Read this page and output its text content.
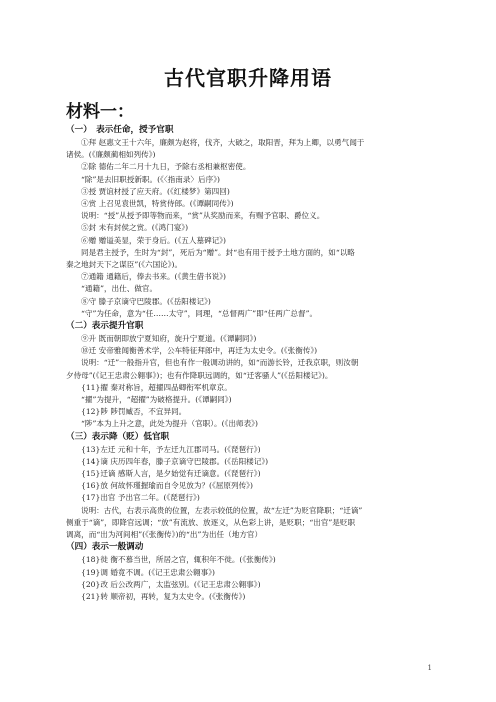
古代官职升降用语
材料一：
（一）　表示任命，授予官职
①拜 赵惠文王十六年，廉颇为赵将，伐齐，大破之，取阳晋，拜为上卿，以勇气闻于
诸侯。(《廉颇蔺相如列传》)
②除 德佑二年二月十九日，予除右丞相兼枢密使。
“除”是去旧职授新职。(《〈指南录〉后序》)
③授 贾谊材授了应天府。(《红楼梦》第四回)
④赏 上召见袁世凯，特赏侍郎。(《谭嗣同传》)
说明：“授”从授予即等物而来，“赏”从奖励而来，有赐予官职、爵位义。
⑤封 未有封侯之赏。(《鸿门宴》)
⑥赠 赠谥美显，荣于身后。(《五人墓碑记》)
同是君主授予，生时为“封”，死后为“赠”。封“也有用于授予土地方面的，如“以略
秦之地封天下之谋臣”(《六国论》)。
⑦通籍 通籍后，俸去书来。(《黄生借书说》)
“通籍”，出仕、做官。
⑧守 滕子京谪守巴陵郡。(《岳阳楼记》)
“守”为任命，意为“任……太守”，同理，“总督两广”即“任两广总督”。
（二）表示提升官职
⑨升 既而朝即放宁夏知府，旋升宁夏道。(《谭嗣同》)
⑩迁 安帝雅闻衡善术学，公车特征拜郎中，再迁为太史令。(《张衡传》)
说明：“迁”一般指升官，但也有作一般调动讲的，如“而游长铃，迁我京职，则汝朝
夕侍母”(《记王忠肃公翱事》)；也有作降职远调的，如“迁客骚人”(《岳阳楼记》)。
{11}擢 秦对称旨，超擢四品卿衔军机章京。
“擢”为提升，“超擢”为破格提升。(《谭嗣同》)
{12}陟 陟罚臧否，不宜异同。
“陟”本为上升之意，此处为提升（官职）。(《出师表》)
（三）表示降（贬）低官职
{13}左迁 元和十年，予左迁九江郡司马。(《琵琶行》)
{14}谪 庆历四年春，滕子京谪守巴陵郡。(《岳阳楼记》)
{15}迁谪 感斯人言，是夕始觉有迁谪意。(《琵琶行》)
{16}放 何故怀瑾握瑜而自令见放为？(《屈原列传》)
{17}出官 予出官二年。(《琵琶行》)
说明：古代，右表示高贵的位置，左表示较低的位置，故“左迁”为贬官降职；“迁谪”
侧重于“谪”，即降官远调；“放”有流放、放逐义，从色彩上讲，是贬职；“出官”是贬职
调离，而“出为河间相”(《张衡传》)的“出”为出任（地方官）
（四）表示一般调动
{18}徙 衡不慕当世，所居之官，辄积年不徙。(《张衡传》)
{19}调 婚竟不调。(《记王忠肃公翱事》)
{20}改 后公改两广，太监弦别。(《记王忠肃公翱事》)
{21}转 顺帝初，再转，复为太史令。(《张衡传》)
1
